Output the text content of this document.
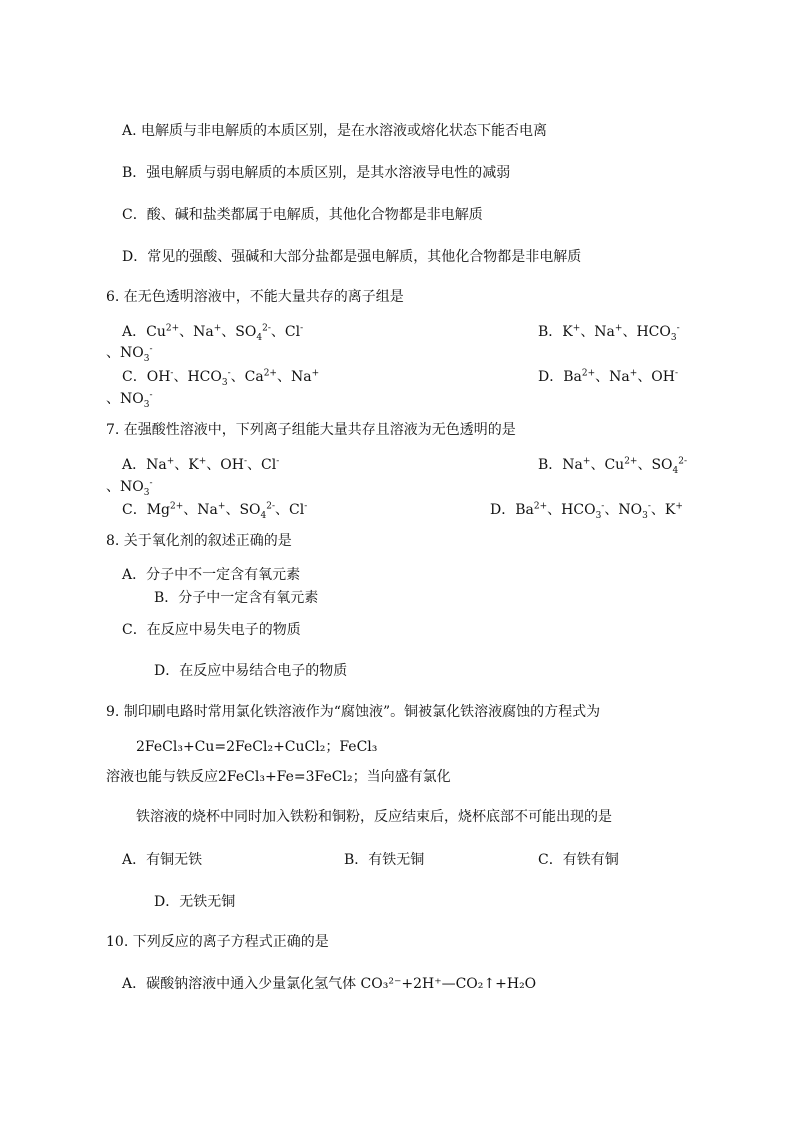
A. 电解质与非电解质的本质区别，是在水溶液或熔化状态下能否电离
B．强电解质与弱电解质的本质区别，是其水溶液导电性的减弱
C．酸、碱和盐类都属于电解质，其他化合物都是非电解质
D．常见的强酸、强碱和大部分盐都是强电解质，其他化合物都是非电解质
6. 在无色透明溶液中，不能大量共存的离子组是
A．$Cu^{2+}$、Na+、$SO_4^{2-}$、Cl-	B．K+、Na+、$HCO_3^-$
、$NO_3^-$
C．OH-、$HCO_3^-$、$Ca^{2+}$、Na+	D．$Ba^{2+}$、Na+、OH-
、$NO_3^-$
7. 在强酸性溶液中，下列离子组能大量共存且溶液为无色透明的是
A．Na+、K+、OH-、Cl-	B．Na+、$Cu^{2+}$、$SO_4^{2-}$
、$NO_3^-$
C．$Mg^{2+}$、Na+、$SO_4^{2-}$、Cl-	D．$Ba^{2+}$、$HCO_3^-$、$NO_3^-$、K+
8. 关于氧化剂的叙述正确的是
A．分子中不一定含有氧元素
B．分子中一定含有氧元素
C．在反应中易失电子的物质
D．在反应中易结合电子的物质
9. 制印刷电路时常用氯化铁溶液作为“腐蚀液”。铜被氯化铁溶液腐蚀的方程式为
2FeCl₃+Cu=2FeCl₂+CuCl₂；FeCl₃
溶液也能与铁反应2FeCl₃+Fe=3FeCl₂；当向盛有氯化
铁溶液的烧杯中同时加入铁粉和铜粉，反应结束后，烧杯底部不可能出现的是
A．有铜无铁	B．有铁无铜	C．有铁有铜
D．无铁无铜
10. 下列反应的离子方程式正确的是
A．碳酸钠溶液中通入少量氯化氢气体 CO₃²⁻+2H⁺—CO₂↑+H₂O
